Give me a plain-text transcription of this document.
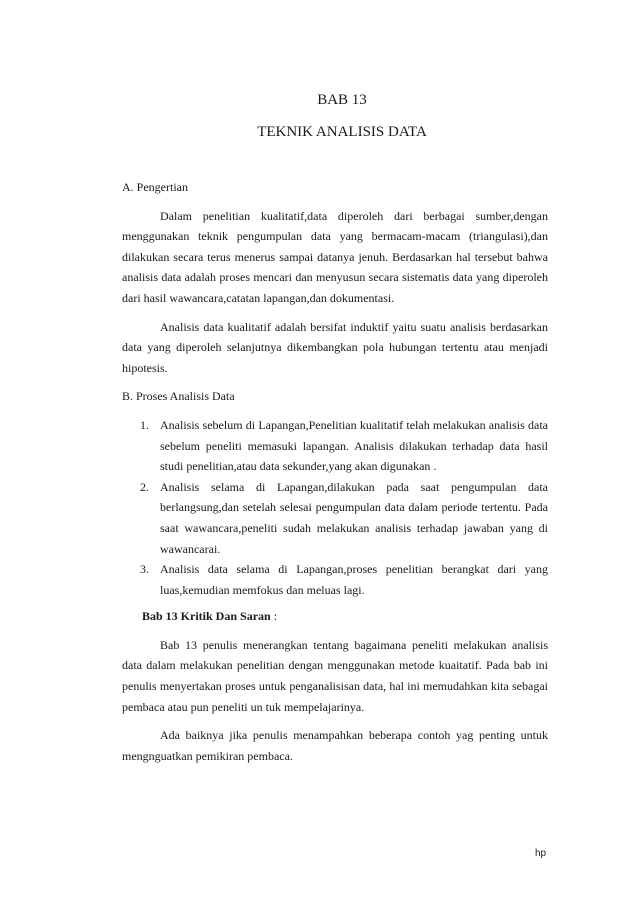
BAB 13
TEKNIK ANALISIS DATA

A. Pengertian

Dalam penelitian kualitatif,data diperoleh dari berbagai sumber,dengan menggunakan teknik pengumpulan data yang bermacam-macam (triangulasi),dan dilakukan secara terus menerus sampai datanya jenuh. Berdasarkan hal tersebut bahwa analisis data adalah proses mencari dan menyusun secara sistematis data yang diperoleh dari hasil wawancara,catatan lapangan,dan dokumentasi.

Analisis data kualitatif adalah bersifat induktif yaitu suatu analisis berdasarkan data yang diperoleh selanjutnya dikembangkan pola hubungan tertentu atau menjadi hipotesis.

B. Proses Analisis Data

1. Analisis sebelum di Lapangan,Penelitian kualitatif telah melakukan analisis data sebelum peneliti memasuki lapangan. Analisis dilakukan terhadap data hasil studi penelitian,atau data sekunder,yang akan digunakan .
2. Analisis selama di Lapangan,dilakukan pada saat pengumpulan data berlangsung,dan setelah selesai pengumpulan data dalam periode tertentu. Pada saat wawancara,peneliti sudah melakukan analisis terhadap jawaban yang di wawancarai.
3. Analisis data selama di Lapangan,proses penelitian berangkat dari yang luas,kemudian memfokus dan meluas lagi.

Bab 13 Kritik Dan Saran :

Bab 13 penulis menerangkan tentang bagaimana peneliti melakukan analisis data dalam melakukan penelitian dengan menggunakan metode kuaitatif. Pada bab ini penulis menyertakan proses untuk penganalisisan data, hal ini memudahkan kita sebagai pembaca atau pun peneliti un tuk mempelajarinya.

Ada baiknya jika penulis menampahkan beberapa contoh yag penting untuk mengnguatkan pemikiran pembaca.

hp
